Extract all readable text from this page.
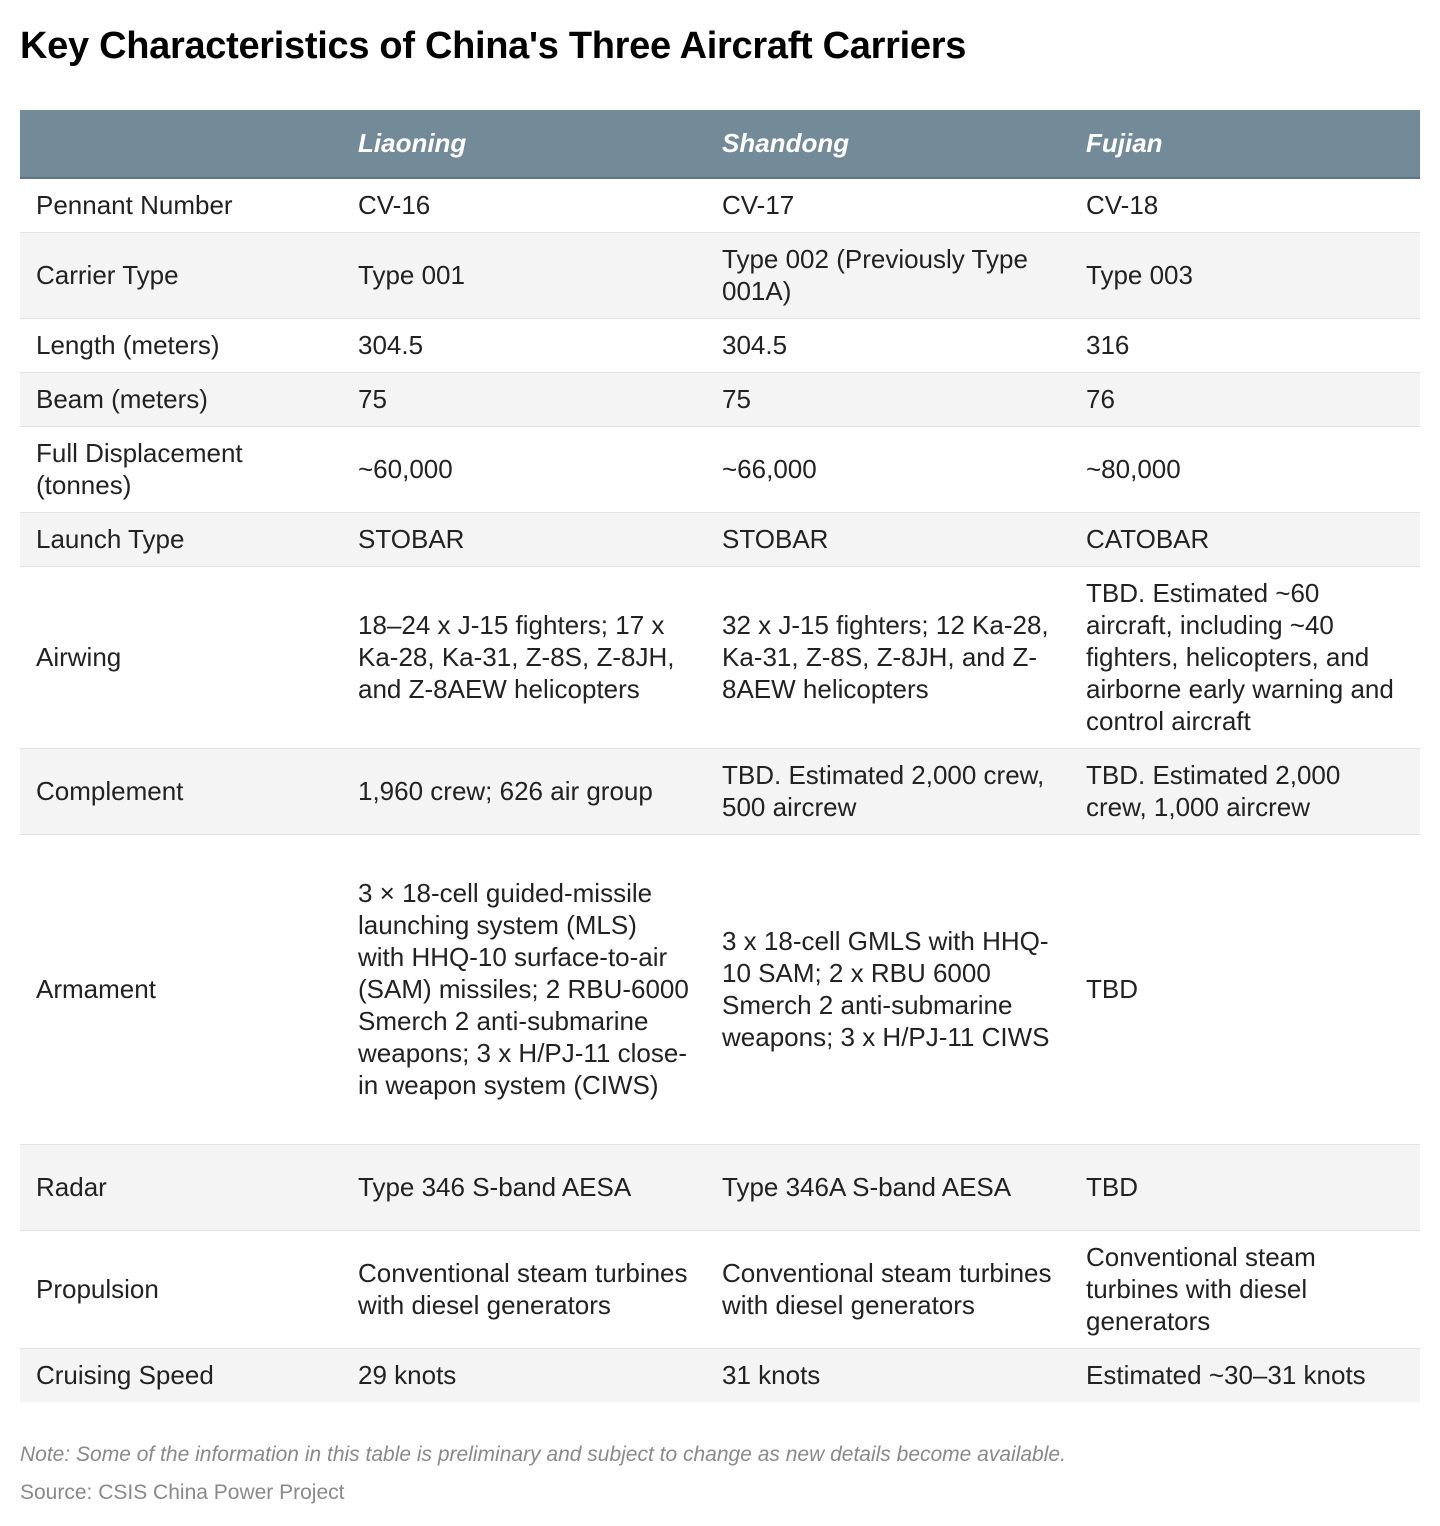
Key Characteristics of China's Three Aircraft Carriers
	Liaoning	Shandong	Fujian
Pennant Number	CV-16	CV-17	CV-18
Carrier Type	Type 001	Type 002 (Previously Type 001A)	Type 003
Length (meters)	304.5	304.5	316
Beam (meters)	75	75	76
Full Displacement (tonnes)	~60,000	~66,000	~80,000
Launch Type	STOBAR	STOBAR	CATOBAR
Airwing	18–24 x J-15 fighters; 17 x Ka-28, Ka-31, Z-8S, Z-8JH, and Z-8AEW helicopters	32 x J-15 fighters; 12 Ka-28, Ka-31, Z-8S, Z-8JH, and Z-8AEW helicopters	TBD. Estimated ~60 aircraft, including ~40 fighters, helicopters, and airborne early warning and control aircraft
Complement	1,960 crew; 626 air group	TBD. Estimated 2,000 crew, 500 aircrew	TBD. Estimated 2,000 crew, 1,000 aircrew
Armament	3 × 18-cell guided-missile launching system (MLS) with HHQ-10 surface-to-air (SAM) missiles; 2 RBU-6000 Smerch 2 anti-submarine weapons; 3 x H/PJ-11 close-in weapon system (CIWS)	3 x 18-cell GMLS with HHQ-10 SAM; 2 x RBU 6000 Smerch 2 anti-submarine weapons; 3 x H/PJ-11 CIWS	TBD
Radar	Type 346 S-band AESA	Type 346A S-band AESA	TBD
Propulsion	Conventional steam turbines with diesel generators	Conventional steam turbines with diesel generators	Conventional steam turbines with diesel generators
Cruising Speed	29 knots	31 knots	Estimated ~30–31 knots
Note: Some of the information in this table is preliminary and subject to change as new details become available.
Source: CSIS China Power Project
